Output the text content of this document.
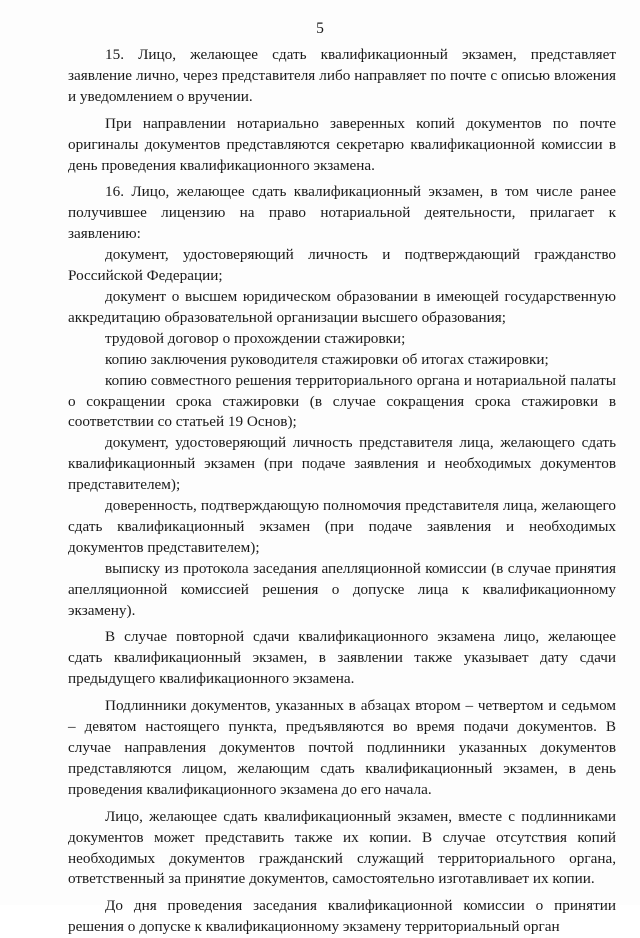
5

15. Лицо, желающее сдать квалификационный экзамен, представляет заявление лично, через представителя либо направляет по почте с описью вложения и уведомлением о вручении.

При направлении нотариально заверенных копий документов по почте оригиналы документов представляются секретарю квалификационной комиссии в день проведения квалификационного экзамена.

16. Лицо, желающее сдать квалификационный экзамен, в том числе ранее получившее лицензию на право нотариальной деятельности, прилагает к заявлению:

документ, удостоверяющий личность и подтверждающий гражданство Российской Федерации;

документ о высшем юридическом образовании в имеющей государственную аккредитацию образовательной организации высшего образования;

трудовой договор о прохождении стажировки;

копию заключения руководителя стажировки об итогах стажировки;

копию совместного решения территориального органа и нотариальной палаты о сокращении срока стажировки (в случае сокращения срока стажировки в соответствии со статьей 19 Основ);

документ, удостоверяющий личность представителя лица, желающего сдать квалификационный экзамен (при подаче заявления и необходимых документов представителем);

доверенность, подтверждающую полномочия представителя лица, желающего сдать квалификационный экзамен (при подаче заявления и необходимых документов представителем);

выписку из протокола заседания апелляционной комиссии (в случае принятия апелляционной комиссией решения о допуске лица к квалификационному экзамену).

В случае повторной сдачи квалификационного экзамена лицо, желающее сдать квалификационный экзамен, в заявлении также указывает дату сдачи предыдущего квалификационного экзамена.

Подлинники документов, указанных в абзацах втором – четвертом и седьмом – девятом настоящего пункта, предъявляются во время подачи документов. В случае направления документов почтой подлинники указанных документов представляются лицом, желающим сдать квалификационный экзамен, в день проведения квалификационного экзамена до его начала.

Лицо, желающее сдать квалификационный экзамен, вместе с подлинниками документов может представить также их копии. В случае отсутствия копий необходимых документов гражданский служащий территориального органа, ответственный за принятие документов, самостоятельно изготавливает их копии.

До дня проведения заседания квалификационной комиссии о принятии решения о допуске к квалификационному экзамену территориальный орган
